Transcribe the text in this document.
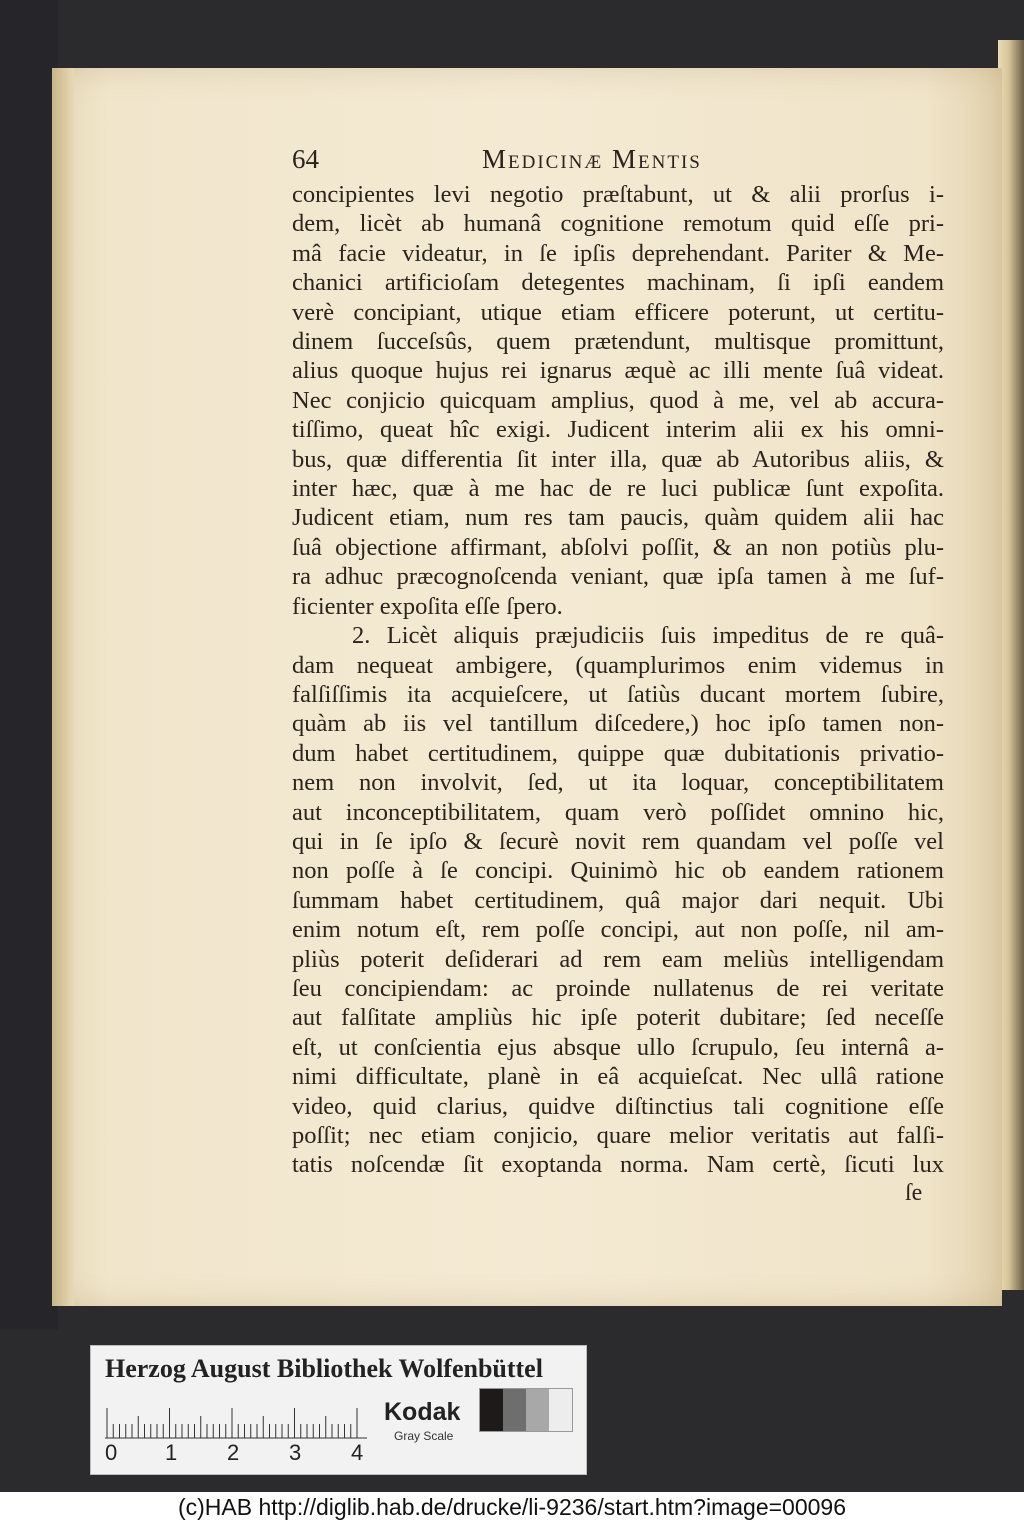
64	Medicinæ Mentis
concipientes levi negotio præſtabunt, ut & alii prorſus i-
dem, licèt ab humanâ cognitione remotum quid eſſe pri-
mâ facie videatur, in ſe ipſis deprehendant. Pariter & Me-
chanici artificioſam detegentes machinam, ſi ipſi eandem
verè concipiant, utique etiam efficere poterunt, ut certitu-
dinem ſucceſsûs, quem prætendunt, multisque promittunt,
alius quoque hujus rei ignarus æquè ac illi mente ſuâ videat.
Nec conjicio quicquam amplius, quod à me, vel ab accura-
tiſſimo, queat hîc exigi. Judicent interim alii ex his omni-
bus, quæ differentia ſit inter illa, quæ ab Autoribus aliis, &
inter hæc, quæ à me hac de re luci publicæ ſunt expoſita.
Judicent etiam, num res tam paucis, quàm quidem alii hac
ſuâ objectione affirmant, abſolvi poſſit, & an non potiùs plu-
ra adhuc præcognoſcenda veniant, quæ ipſa tamen à me ſuf-
ficienter expoſita eſſe ſpero.
2. Licèt aliquis præjudiciis ſuis impeditus de re quâ-
dam nequeat ambigere, (quamplurimos enim videmus in
falſiſſimis ita acquieſcere, ut ſatiùs ducant mortem ſubire,
quàm ab iis vel tantillum diſcedere,) hoc ipſo tamen non-
dum habet certitudinem, quippe quæ dubitationis privatio-
nem non involvit, ſed, ut ita loquar, conceptibilitatem
aut inconceptibilitatem, quam verò poſſidet omnino hic,
qui in ſe ipſo & ſecurè novit rem quandam vel poſſe vel
non poſſe à ſe concipi. Quinimò hic ob eandem rationem
ſummam habet certitudinem, quâ major dari nequit. Ubi
enim notum eſt, rem poſſe concipi, aut non poſſe, nil am-
pliùs poterit deſiderari ad rem eam meliùs intelligendam
ſeu concipiendam: ac proinde nullatenus de rei veritate
aut falſitate ampliùs hic ipſe poterit dubitare; ſed neceſſe
eſt, ut conſcientia ejus absque ullo ſcrupulo, ſeu internâ a-
nimi difficultate, planè in eâ acquieſcat. Nec ullâ ratione
video, quid clarius, quidve diſtinctius tali cognitione eſſe
poſſit; nec etiam conjicio, quare melior veritatis aut falſi-
tatis noſcendæ ſit exoptanda norma. Nam certè, ſicuti lux
ſe
Herzog August Bibliothek Wolfenbüttel
0 1 2 3 4
Kodak
Gray Scale
(c)HAB http://diglib.hab.de/drucke/li-9236/start.htm?image=00096
